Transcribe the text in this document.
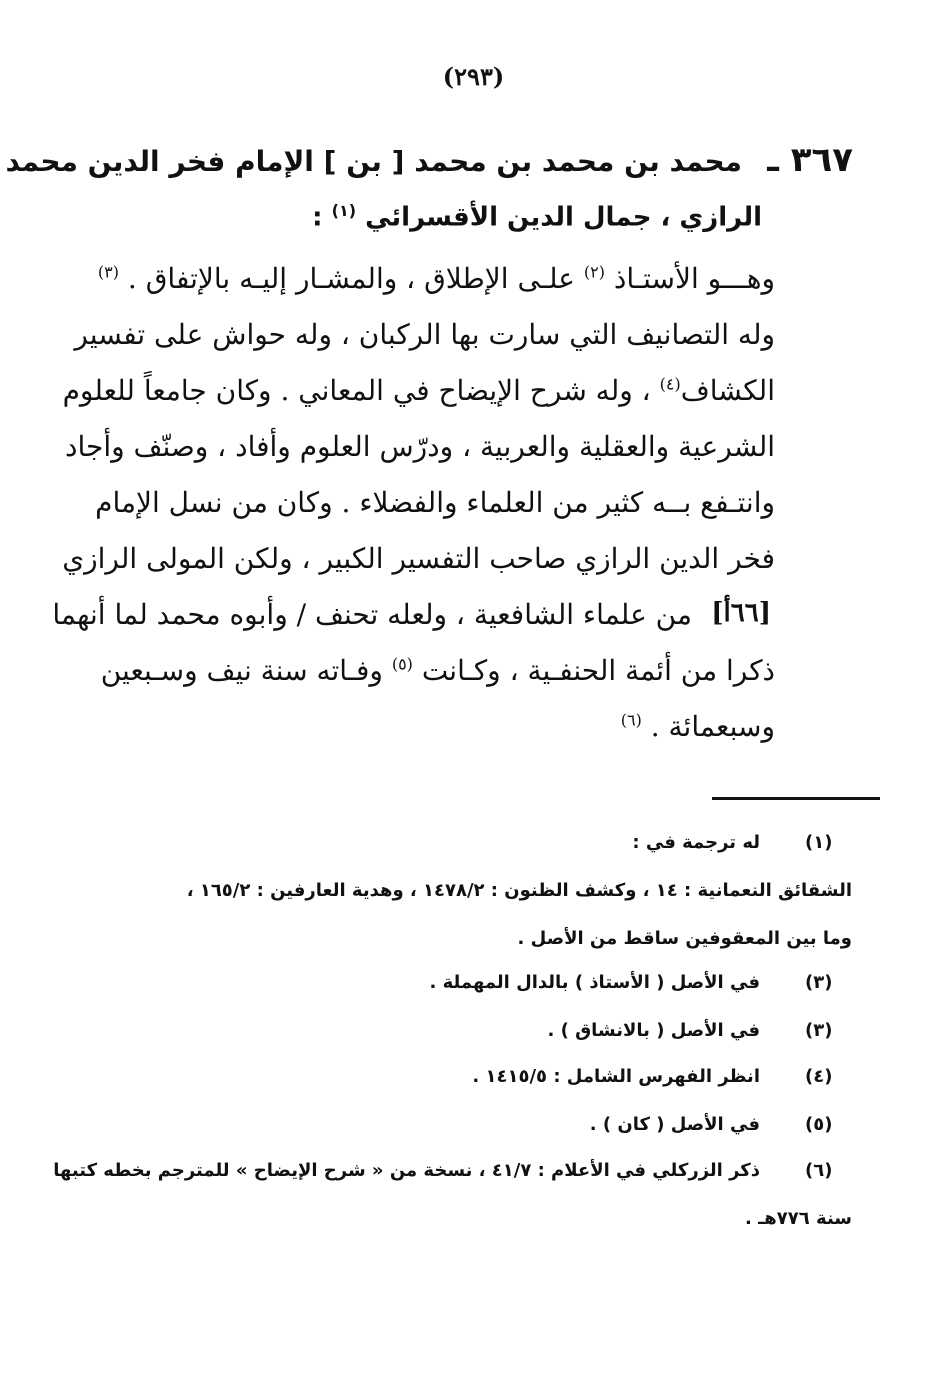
(٢٩٣)
٣٦٧ ـ
محمد بن محمد بن محمد [ بن ] الإمام فخر الدين محمد
الرازي ، جمال الدين الأقسرائي $^{(١)}$ :
وهـــو الأستـاذ $^{(٢)}$ علـى الإطلاق ، والمشـار إليـه بالإتفاق . $^{(٣)}$
وله التصانيف التي سارت بها الركبان ، وله حواش على تفسير
الكشاف$^{(٤)}$ ، وله شرح الإيضاح في المعاني . وكان جامعاً للعلوم
الشرعية والعقلية والعربية ، ودرّس العلوم وأفاد ، وصنّف وأجاد
وانتـفع بــه كثير من العلماء والفضلاء . وكان من نسل الإمام
فخر الدين الرازي صاحب التفسير الكبير ، ولكن المولى الرازي
من علماء الشافعية ، ولعله تحنف / وأبوه محمد لما أنهما [٦٦أ]
ذكرا من أئمة الحنفـية ، وكـانت $^{(٥)}$ وفـاته سنة نيف وسـبعين
وسبعمائة . $^{(٦)}$
(١)
له ترجمة في :
الشقائق النعمانية : ١٤ ، وكشف الظنون : ١٤٧٨/٢ ، وهدية العارفين : ١٦٥/٢ ،
وما بين المعقوفين ساقط من الأصل .
(٣)
في الأصل ( الأستاذ ) بالدال المهملة .
(٣)
في الأصل ( بالانشاق ) .
(٤)
انظر الفهرس الشامل : ١٤١٥/٥ .
(٥)
في الأصل ( كان ) .
(٦)
ذكر الزركلي في الأعلام : ٤١/٧ ، نسخة من « شرح الإيضاح » للمترجم بخطه كتبها
سنة ٧٧٦هـ .
